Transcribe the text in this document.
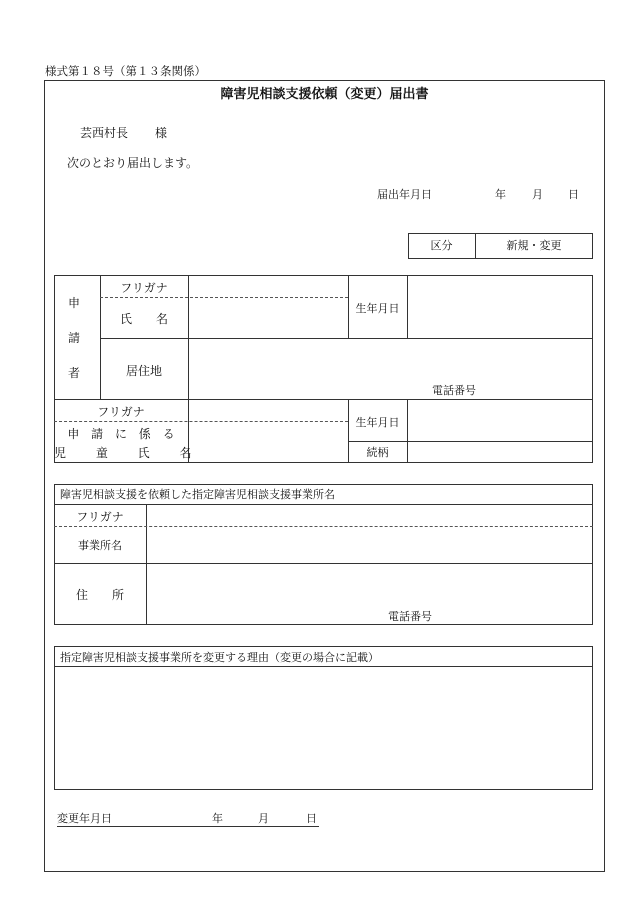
様式第１８号（第１３条関係）
障害児相談支援依頼（変更）届出書
芸西村長 様
次のとおり届出します。
届出年月日	年 月 日
区分	新規・変更
申
請
者
フリガナ
氏　　名
生年月日
居住地
電話番号
フリガナ
申 請 に 係 る
児 童 氏 名
生年月日
続柄
障害児相談支援を依頼した指定障害児相談支援事業所名
フリガナ
事業所名
住　　所
電話番号
指定障害児相談支援事業所を変更する理由（変更の場合に記載）
変更年月日	年	月	日
